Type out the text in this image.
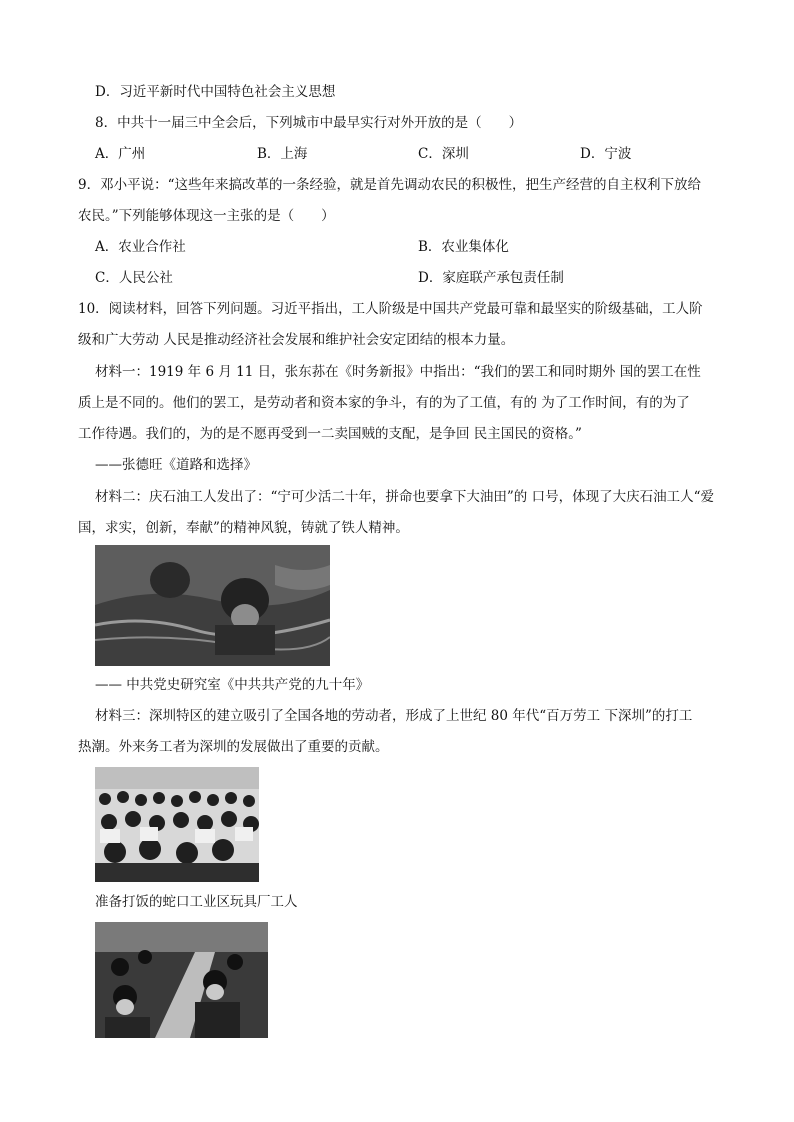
D．习近平新时代中国特色社会主义思想
8．中共十一届三中全会后，下列城市中最早实行对外开放的是（　　）
A．广州	B．上海	C．深圳	D．宁波
9．邓小平说：“这些年来搞改革的一条经验，就是首先调动农民的积极性，把生产经营的自主权利下放给
农民。”下列能够体现这一主张的是（　　）
A．农业合作社	B．农业集体化
C．人民公社	D．家庭联产承包责任制
10．阅读材料，回答下列问题。习近平指出，工人阶级是中国共产党最可靠和最坚实的阶级基础，工人阶
级和广大劳动 人民是推动经济社会发展和维护社会安定团结的根本力量。
材料一：1919 年 6 月 11 日，张东荪在《时务新报》中指出：“我们的罢工和同时期外 国的罢工在性
质上是不同的。他们的罢工，是劳动者和资本家的争斗，有的为了工值，有的 为了工作时间，有的为了
工作待遇。我们的，为的是不愿再受到一二卖国贼的支配，是争回 民主国民的资格。”
——张德旺《道路和选择》
材料二：庆石油工人发出了：“宁可少活二十年，拼命也要拿下大油田”的 口号，体现了大庆石油工人“爱
国，求实，创新，奉献”的精神风貌，铸就了铁人精神。
—— 中共党史研究室《中共共产党的九十年》
材料三：深圳特区的建立吸引了全国各地的劳动者，形成了上世纪 80 年代“百万劳工 下深圳”的打工
热潮。外来务工者为深圳的发展做出了重要的贡献。
准备打饭的蛇口工业区玩具厂工人
